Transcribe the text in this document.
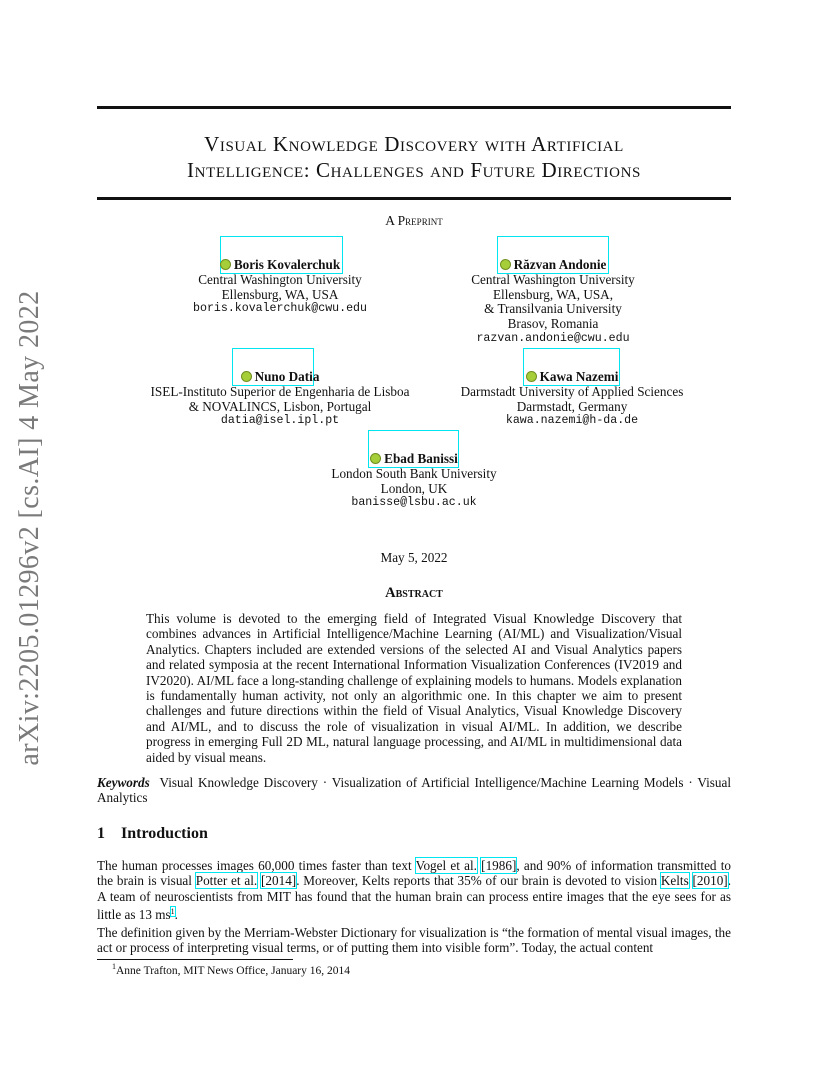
arXiv:2205.01296v2 [cs.AI] 4 May 2022
Visual Knowledge Discovery with Artificial
Intelligence: Challenges and Future Directions
A Preprint
Boris Kovalerchuk
Central Washington University
Ellensburg, WA, USA
boris.kovalerchuk@cwu.edu
Răzvan Andonie
Central Washington University
Ellensburg, WA, USA,
& Transilvania University
Brasov, Romania
razvan.andonie@cwu.edu
Nuno Datia
ISEL-Instituto Superior de Engenharia de Lisboa
& NOVALINCS, Lisbon, Portugal
datia@isel.ipl.pt
Kawa Nazemi
Darmstadt University of Applied Sciences
Darmstadt, Germany
kawa.nazemi@h-da.de
Ebad Banissi
London South Bank University
London, UK
banisse@lsbu.ac.uk
May 5, 2022
Abstract
This volume is devoted to the emerging field of Integrated Visual Knowledge Discovery that combines advances in Artificial Intelligence/Machine Learning (AI/ML) and Visualization/Visual Analytics. Chapters included are extended versions of the selected AI and Visual Analytics papers and related symposia at the recent International Information Visualization Conferences (IV2019 and IV2020). AI/ML face a long-standing challenge of explaining models to humans. Models explanation is fundamentally human activity, not only an algorithmic one. In this chapter we aim to present challenges and future directions within the field of Visual Analytics, Visual Knowledge Discovery and AI/ML, and to discuss the role of visualization in visual AI/ML. In addition, we describe progress in emerging Full 2D ML, natural language processing, and AI/ML in multidimensional data aided by visual means.
Keywords Visual Knowledge Discovery · Visualization of Artificial Intelligence/Machine Learning Models · Visual Analytics
1 Introduction
The human processes images 60,000 times faster than text Vogel et al. [1986], and 90% of information transmitted to the brain is visual Potter et al. [2014]. Moreover, Kelts reports that 35% of our brain is devoted to vision Kelts [2010]. A team of neuroscientists from MIT has found that the human brain can process entire images that the eye sees for as little as 13 ms$^1$.
The definition given by the Merriam-Webster Dictionary for visualization is “the formation of mental visual images, the act or process of interpreting visual terms, or of putting them into visible form”. Today, the actual content
$^1$Anne Trafton, MIT News Office, January 16, 2014
